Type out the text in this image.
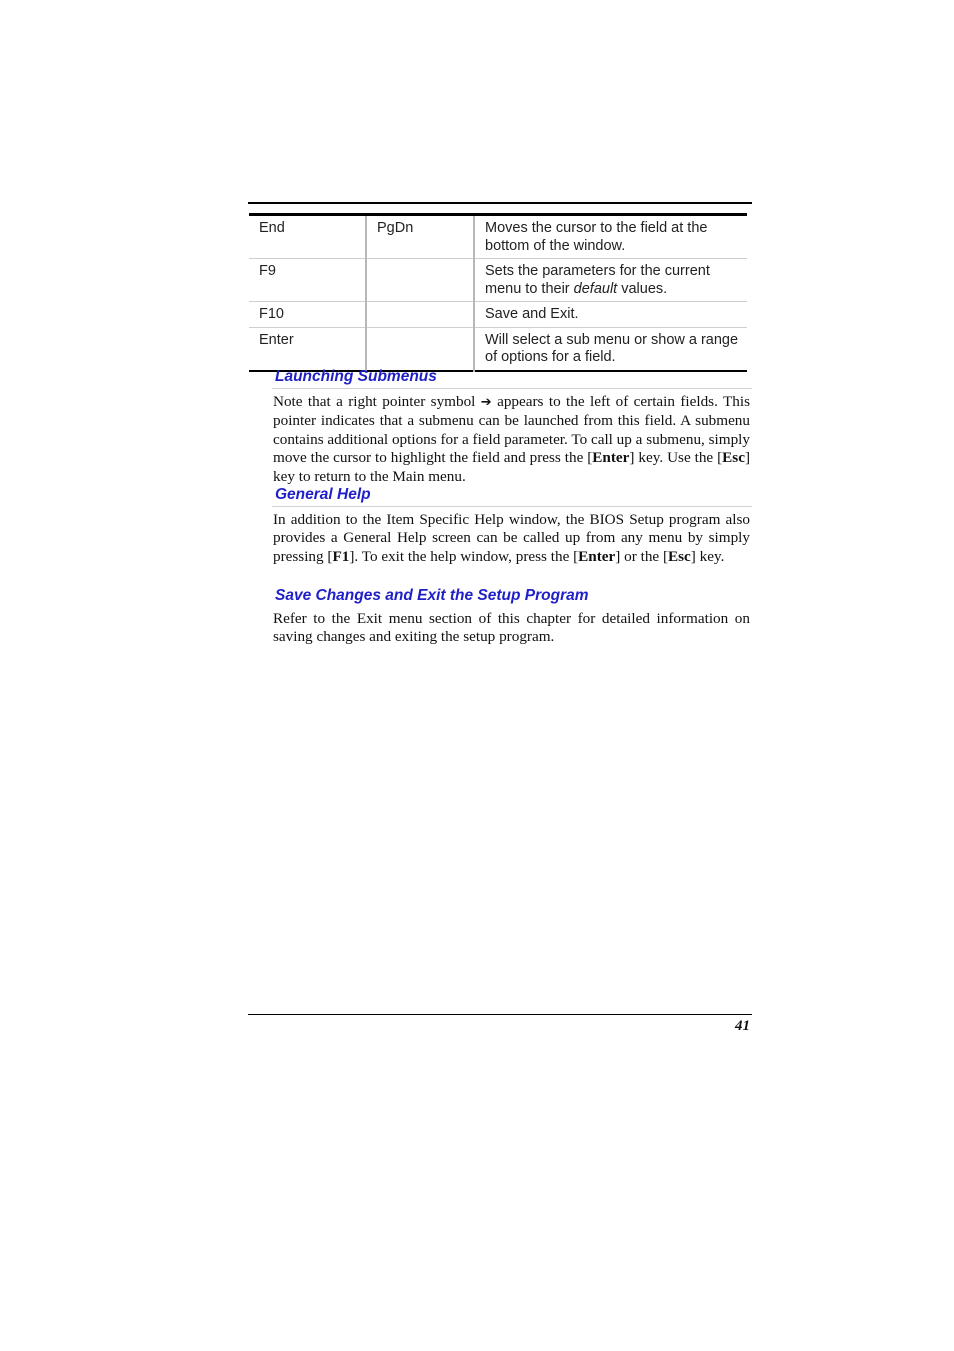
End	PgDn	Moves the cursor to the field at the bottom of the window.
F9		Sets the parameters for the current menu to their default values.
F10		Save and Exit.
Enter		Will select a sub menu or show a range of options for a field.
Launching Submenus

Note that a right pointer symbol ➔ appears to the left of certain fields. This pointer indicates that a submenu can be launched from this field. A submenu contains additional options for a field parameter. To call up a submenu, simply move the cursor to highlight the field and press the [Enter] key. Use the [Esc] key to return to the Main menu.

General Help

In addition to the Item Specific Help window, the BIOS Setup program also provides a General Help screen can be called up from any menu by simply pressing [F1]. To exit the help window, press the [Enter] or the [Esc] key.

Save Changes and Exit the Setup Program

Refer to the Exit menu section of this chapter for detailed information on saving changes and exiting the setup program.

41
